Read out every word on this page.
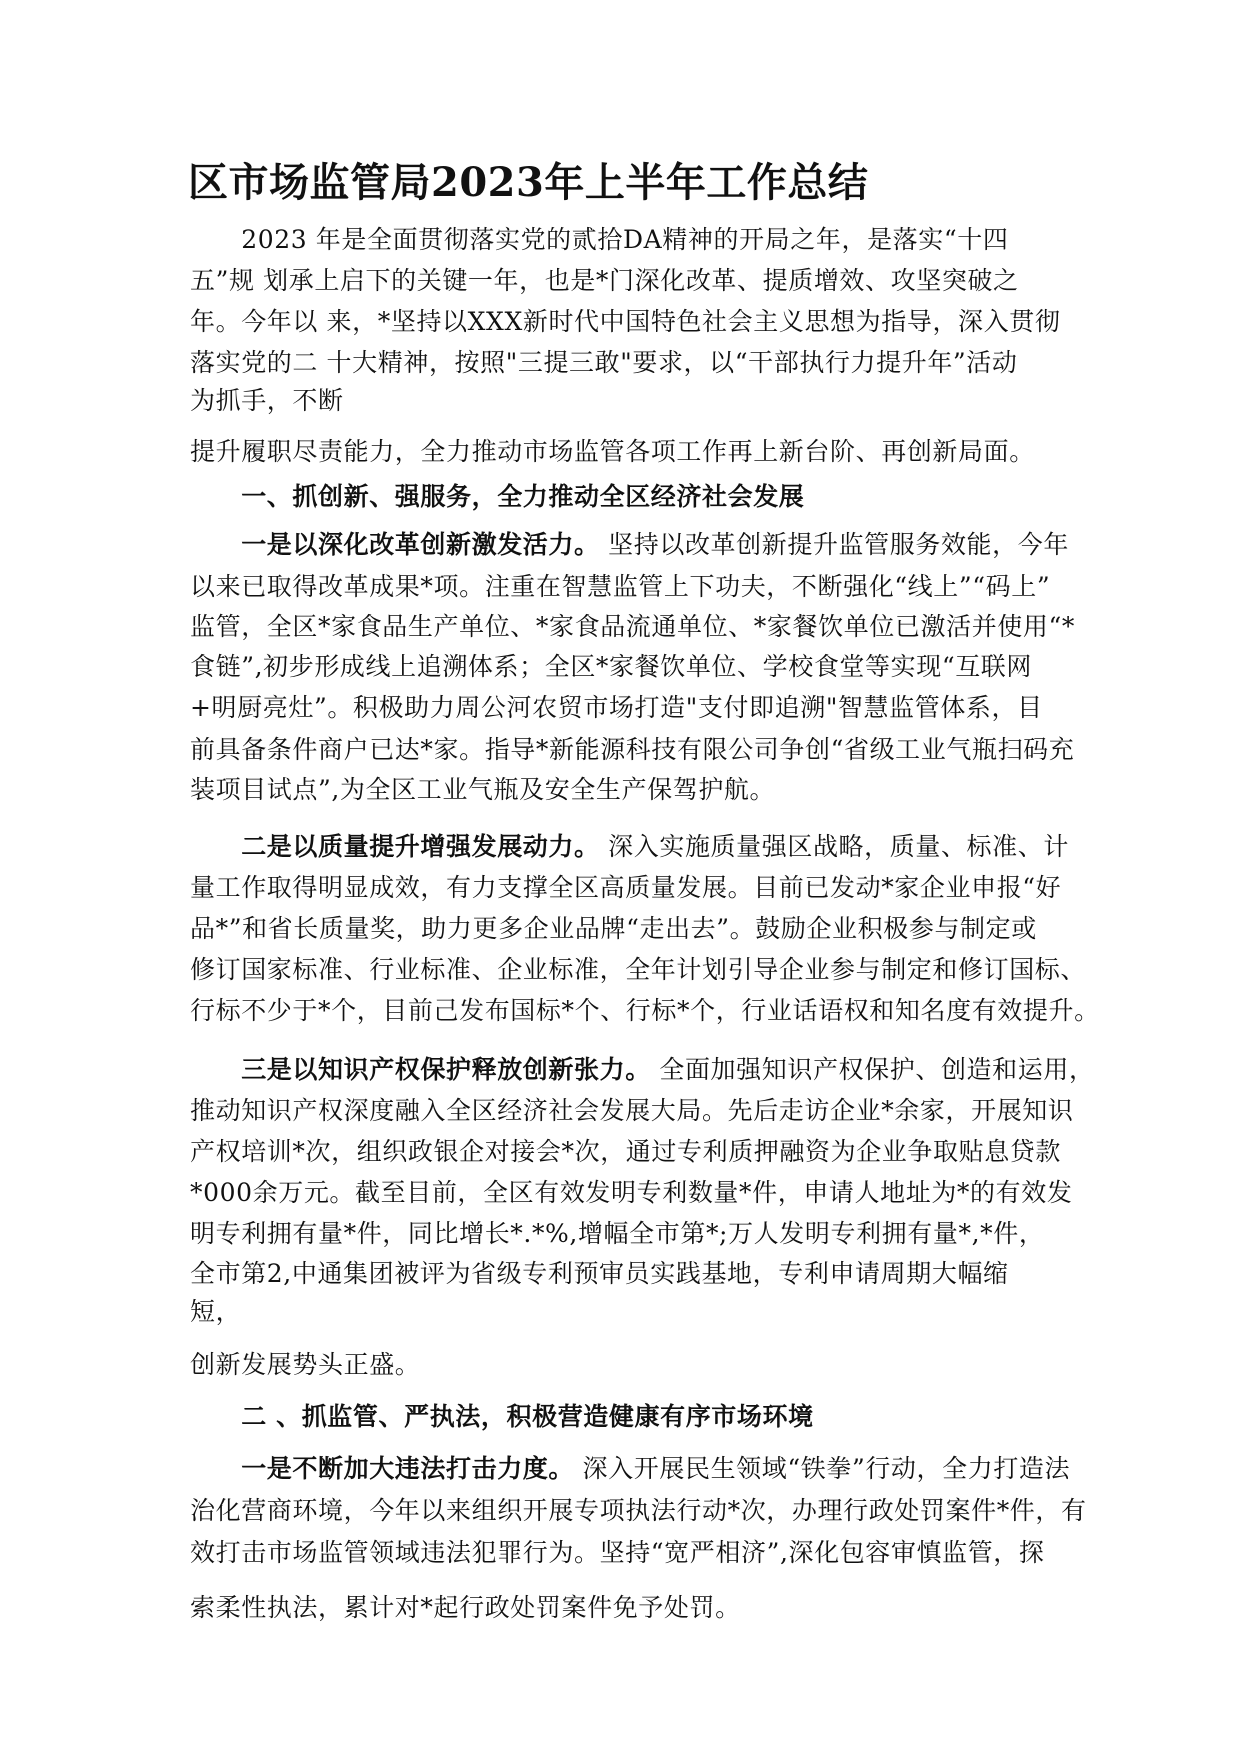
区市场监管局2023年上半年工作总结
　　2023 年是全面贯彻落实党的贰拾DA精神的开局之年，是落实“十四
五”规 划承上启下的关键一年，也是*门深化改革、提质增效、攻坚突破之
年。今年以 来，*坚持以XXX新时代中国特色社会主义思想为指导，深入贯彻
落实党的二 十大精神，按照"三提三敢"要求，以“干部执行力提升年”活动
为抓手，不断
提升履职尽责能力，全力推动市场监管各项工作再上新台阶、再创新局面。
　　一、抓创新、强服务，全力推动全区经济社会发展
　　一是以深化改革创新激发活力。 坚持以改革创新提升监管服务效能，今年
以来已取得改革成果*项。注重在智慧监管上下功夫，不断强化“线上”“码上”
监管，全区*家食品生产单位、*家食品流通单位、*家餐饮单位已激活并使用“*
食链”,初步形成线上追溯体系；全区*家餐饮单位、学校食堂等实现“互联网
+明厨亮灶”。积极助力周公河农贸市场打造"支付即追溯"智慧监管体系，目
前具备条件商户已达*家。指导*新能源科技有限公司争创“省级工业气瓶扫码充
装项目试点”,为全区工业气瓶及安全生产保驾护航。
　　二是以质量提升增强发展动力。 深入实施质量强区战略，质量、标准、计
量工作取得明显成效，有力支撑全区高质量发展。目前已发动*家企业申报“好
品*”和省长质量奖，助力更多企业品牌“走出去”。鼓励企业积极参与制定或
修订国家标准、行业标准、企业标准，全年计划引导企业参与制定和修订国标、
行标不少于*个，目前己发布国标*个、行标*个，行业话语权和知名度有效提升。
　　三是以知识产权保护释放创新张力。 全面加强知识产权保护、创造和运用，
推动知识产权深度融入全区经济社会发展大局。先后走访企业*余家，开展知识
产权培训*次，组织政银企对接会*次，通过专利质押融资为企业争取贴息贷款
*000余万元。截至目前，全区有效发明专利数量*件，申请人地址为*的有效发
明专利拥有量*件，同比增长*.*%,增幅全市第*;万人发明专利拥有量*,*件，
全市第2,中通集团被评为省级专利预审员实践基地，专利申请周期大幅缩
短，
创新发展势头正盛。
　　二 、抓监管、严执法，积极营造健康有序市场环境
　　一是不断加大违法打击力度。 深入开展民生领域“铁拳”行动，全力打造法
治化营商环境，今年以来组织开展专项执法行动*次，办理行政处罚案件*件，有
效打击市场监管领域违法犯罪行为。坚持“宽严相济”,深化包容审慎监管，探
索柔性执法，累计对*起行政处罚案件免予处罚。
